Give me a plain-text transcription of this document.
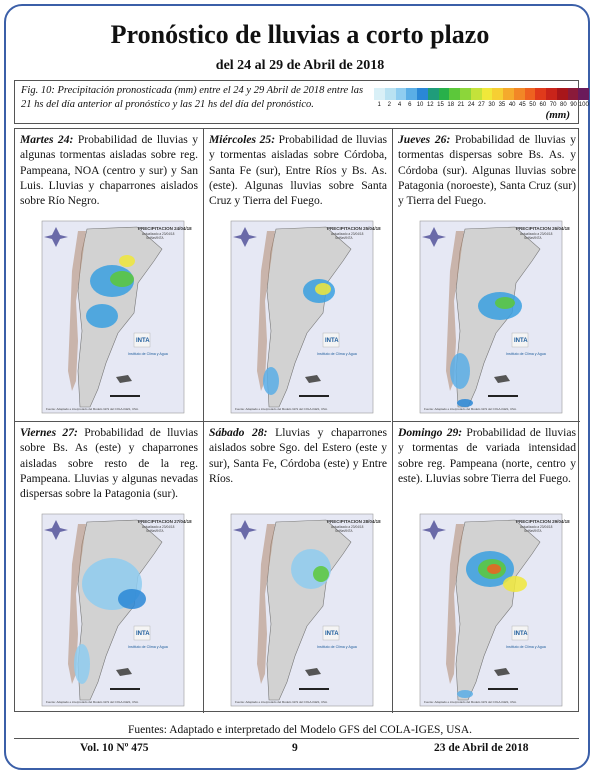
Pronóstico de lluvias a corto plazo
del 24 al 29 de Abril de 2018
Fig. 10: Precipitación pronosticada (mm) entre el 24 y 29 Abril de 2018 entre las 21 hs del día anterior al pronóstico y las 21 hs del día del pronóstico.	1	2	4	6 10 12 15 18 21 24 27 30 35 40 45 50 60 70 80 90 100
(mm)
Martes 24: Probabilidad de lluvias y algunas tormentas aisladas sobre reg. Pampeana, NOA (centro y sur) y San Luis. Lluvias y chaparrones aislados sobre Río Negro.
PRECIPITACION 24/04/18
Actualizado a 23/04/18
SeiNet/INTA
INTA
Instituto de Clima y Agua
Fuente: Adaptado e interpretado del Modelo GFS del COLA-IGES, USA.
Miércoles 25: Probabilidad de lluvias y tormentas aisladas sobre Córdoba, Santa Fe (sur), Entre Ríos y Bs. As. (este). Algunas lluvias sobre Santa Cruz y Tierra del Fuego.
PRECIPITACION 25/04/18
Actualizado a 23/04/18
SeiNet/INTA
INTA
Instituto de Clima y Agua
Fuente: Adaptado e interpretado del Modelo GFS del COLA-IGES, USA.
Jueves 26: Probabilidad de lluvias y tormentas dispersas sobre Bs. As. y Córdoba (sur). Algunas lluvias sobre Patagonia (noroeste), Santa Cruz (sur) y Tierra del Fuego.
PRECIPITACION 26/04/18
Actualizado a 23/04/18
SeiNet/INTA
INTA
Instituto de Clima y Agua
Fuente: Adaptado e interpretado del Modelo GFS del COLA-IGES, USA.
Viernes 27: Probabilidad de lluvias sobre Bs. As (este) y chaparrones aisladas sobre resto de la reg. Pampeana. Lluvias y algunas nevadas dispersas sobre la Patagonia (sur).
PRECIPITACION 27/04/18
Actualizado a 23/04/18
SeiNet/INTA
INTA
Instituto de Clima y Agua
Fuente: Adaptado e interpretado del Modelo GFS del COLA-IGES, USA.
Sábado 28: Lluvias y chaparrones aislados sobre Sgo. del Estero (este y sur), Santa Fe, Córdoba (este) y Entre Ríos.
PRECIPITACION 28/04/18
Actualizado a 23/04/18
SeiNet/INTA
INTA
Instituto de Clima y Agua
Fuente: Adaptado e interpretado del Modelo GFS del COLA-IGES, USA.
Domingo 29: Probabilidad de lluvias y tormentas de variada intensidad sobre reg. Pampeana (norte, centro y este). Lluvias sobre Tierra del Fuego.
PRECIPITACION 29/04/18
Actualizado a 23/04/18
SeiNet/INTA
INTA
Instituto de Clima y Agua
Fuente: Adaptado e interpretado del Modelo GFS del COLA-IGES, USA.
Fuentes: Adaptado e interpretado del Modelo GFS del COLA-IGES, USA.
Vol. 10 Nº 475	9	23 de Abril de 2018
